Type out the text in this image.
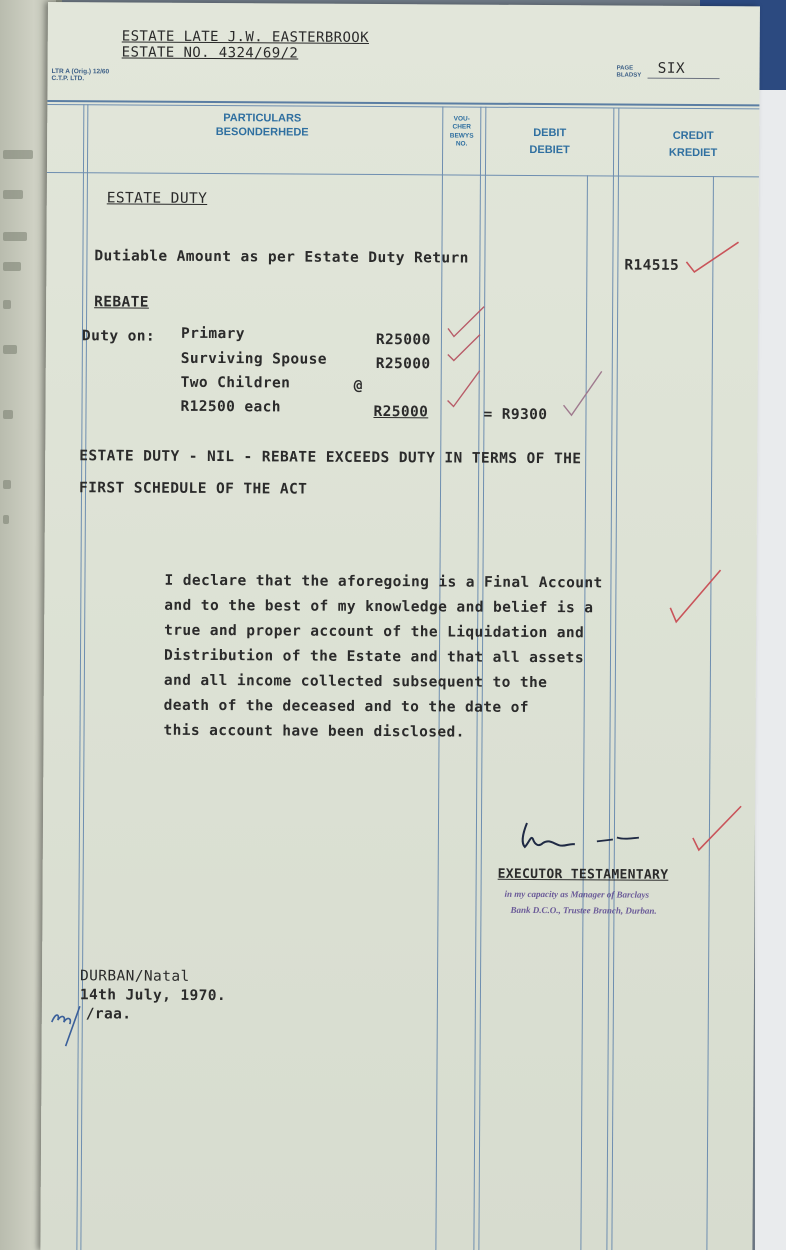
LTR A (Orig.) 12/60
C.T.P. LTD.
ESTATE LATE J.W. EASTERBROOK
ESTATE NO. 4324/69/2
PAGE
BLADSY SIX
PARTICULARS
BESONDERHEDE
VOU-
CHER
BEWYS
NO.
DEBIT
DEBIET
CREDIT
KREDIET
ESTATE DUTY
Dutiable Amount as per Estate Duty Return	R14515
REBATE
Duty on: Primary	R25000
Surviving Spouse	R25000
Two Children	@
R12500 each	R25000	= R9300
ESTATE DUTY - NIL - REBATE EXCEEDS DUTY IN TERMS OF THE
FIRST SCHEDULE OF THE ACT
I declare that the aforegoing is a Final Account
and to the best of my knowledge and belief is a
true and proper account of the Liquidation and
Distribution of the Estate and that all assets
and all income collected subsequent to the
death of the deceased and to the date of
this account have been disclosed.
EXECUTOR TESTAMENTARY
in my capacity as Manager of Barclays
Bank D.C.O., Trustee Branch, Durban.
DURBAN/Natal
14th July, 1970.
/raa.
